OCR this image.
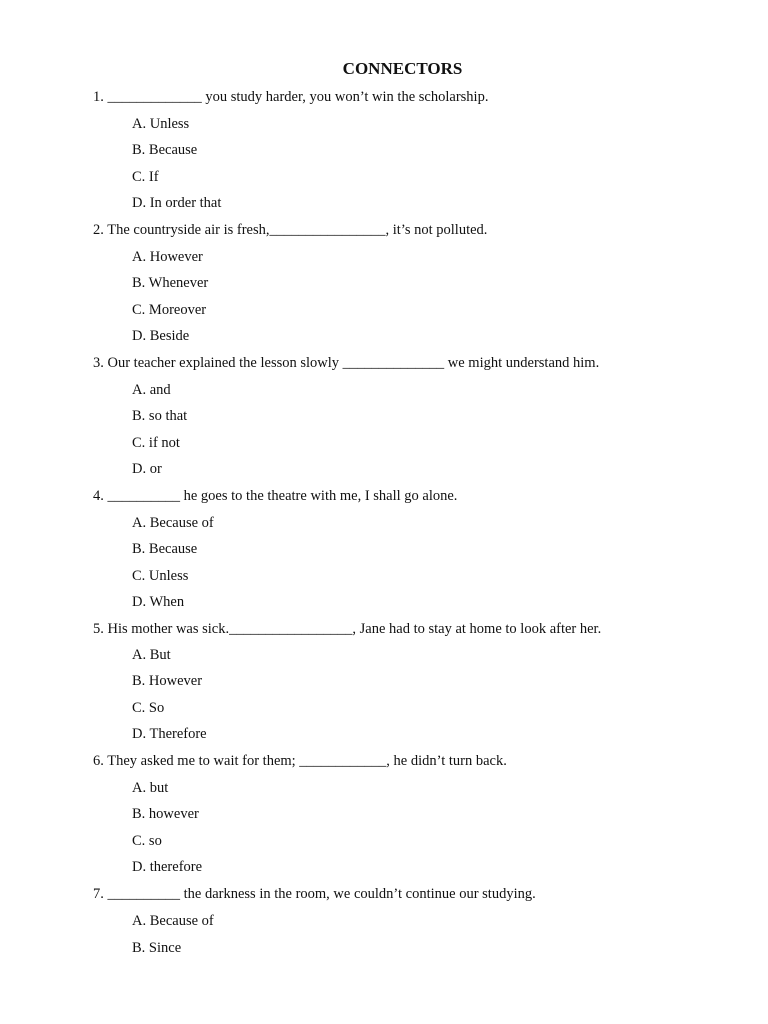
CONNECTORS
1. _____________ you study harder, you won’t win the scholarship.
A. Unless
B. Because
C. If
D. In order that
2. The countryside air is fresh,________________, it’s not polluted.
A. However
B. Whenever
C. Moreover
D. Beside
3. Our teacher explained the lesson slowly ______________ we might understand him.
A. and
B. so that
C. if not
D. or
4. __________ he goes to the theatre with me, I shall go alone.
A. Because of
B. Because
C. Unless
D. When
5. His mother was sick._________________, Jane had to stay at home to look after her.
A. But
B. However
C. So
D. Therefore
6. They asked me to wait for them; ____________, he didn’t turn back.
A. but
B. however
C. so
D. therefore
7. __________ the darkness in the room, we couldn’t continue our studying.
A. Because of
B. Since
